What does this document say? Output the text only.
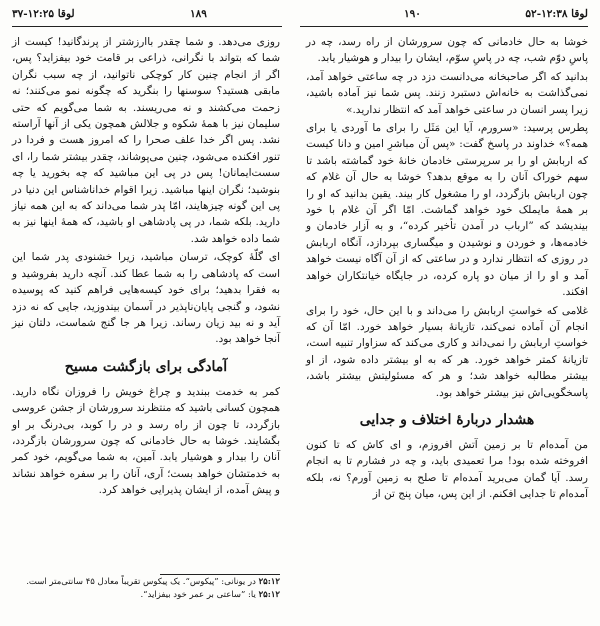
لوقا ۱۲:۲۵-۳۷	۱۸۹	۱۹۰	لوقا ۱۲:۳۸-۵۲

خوشا به حال خادمانی که چون سرورشان از راه رسد، چه در پاسِ دوّم شب، چه در پاسِ سوّم، ایشان را بیدار و هوشیار یابد.

بدانید که اگر صاحبخانه می‌دانست دزد در چه ساعتی خواهد آمد، نمی‌گذاشت به خانه‌اش دستبرد زنند. پس شما نیز آماده باشید، زیرا پسر انسان در ساعتی خواهد آمد که انتظار ندارید.»

پطرس پرسید: «سرورم، آیا این مَثَل را برای ما آوردی یا برای همه؟» خداوند در پاسخ گفت: «پس آن مباشرِ امین و دانا کیست که اربابش او را بر سرپرستی خادمان خانهٔ خود گماشته باشد تا سهم خوراک آنان را به موقع بدهد؟ خوشا به حال آن غلام که چون اربابش بازگردد، او را مشغول کار بیند. یقین بدانید که او را بر همهٔ مایملک خود خواهد گماشت. امّا اگر آن غلام با خود بیندیشد که ”ارباب در آمدن تأخیر کرده“، و به آزار خادمان و خادمه‌ها، و خوردن و نوشیدن و میگساری بپردازد، آنگاه اربابش در روزی که انتظار ندارد و در ساعتی که از آن آگاه نیست خواهد آمد و او را از میان دو پاره کرده، در جایگاه خیانتکاران خواهد افکند.

غلامی که خواستِ اربابش را می‌داند و با این حال، خود را برای انجام آن آماده نمی‌کند، تازیانهٔ بسیار خواهد خورد. امّا آن که خواستِ اربابش را نمی‌داند و کاری می‌کند که سزاوار تنبیه است، تازیانهٔ کمتر خواهد خورد. هر که به او بیشتر داده شود، از او بیشتر مطالبه خواهد شد؛ و هر که مسئولیتش بیشتر باشد، پاسخگویی‌اش نیز بیشتر خواهد بود.

هشدار دربارهٔ اختلاف و جدایی

من آمده‌ام تا بر زمین آتش افروزم، و ای کاش که تا کنون افروخته شده بود! مرا تعمیدی باید، و چه در فشارم تا به انجام رسد. آیا گمان می‌برید آمده‌ام تا صلح به زمین آورم؟ نه، بلکه آمده‌ام تا جدایی افکنم. از این پس، میان پنج تن از

روزی می‌دهد. و شما چقدر باارزشتر از پرندگانید! کیست از شما که بتواند با نگرانی، ذراعی بر قامت خود بیفزاید؟ پس، اگر از انجام چنین کار کوچکی ناتوانید، از چه سبب نگران مابقی هستید؟ سوسنها را بنگرید که چگونه نمو می‌کنند؛ نه زحمت می‌کشند و نه می‌ریسند. به شما می‌گویم که حتی سلیمان نیز با همهٔ شکوه و جلالش همچون یکی از آنها آراسته نشد. پس اگر خدا علف صحرا را که امروز هست و فردا در تنور افکنده می‌شود، چنین می‌پوشاند، چقدر بیشتر شما را، ای سست‌ایمانان! پس در پی این مباشید که چه بخورید یا چه بنوشید؛ نگران اینها مباشید. زیرا اقوام خداناشناس این دنیا در پی این گونه چیزهایند، امّا پدر شما می‌داند که به این همه نیاز دارید. بلکه شما، در پی پادشاهی او باشید، که همهٔ اینها نیز به شما داده خواهد شد.

ای گلّهٔ کوچک، ترسان مباشید، زیرا خشنودی پدر شما این است که پادشاهی را به شما عطا کند. آنچه دارید بفروشید و به فقرا بدهید؛ برای خود کیسه‌هایی فراهم کنید که پوسیده نشود، و گنجی پایان‌ناپذیر در آسمان بیندوزید، جایی که نه دزد آید و نه بید زیان رساند. زیرا هر جا گنج شماست، دلتان نیز آنجا خواهد بود.

آمادگی برای بازگشت مسیح

کمر به خدمت ببندید و چراغ خویش را فروزان نگاه دارید. همچون کسانی باشید که منتظرند سرورشان از جشن عروسی بازگردد، تا چون از راه رسد و در را کوبد، بی‌درنگ بر او بگشایند. خوشا به حال خادمانی که چون سرورشان بازگردد، آنان را بیدار و هوشیار یابد. آمین، به شما می‌گویم، خود کمر به خدمتشان خواهد بست؛ آری، آنان را بر سفره خواهد نشاند و پیش آمده، از ایشان پذیرایی خواهد کرد.

۲۵:۱۲ در یونانی: ”پیکوس“. یک پیکوس تقریباً معادل ۴۵ سانتی‌متر است.
۲۵:۱۲ یا: ”ساعتی بر عمر خود بیفزاید“.
